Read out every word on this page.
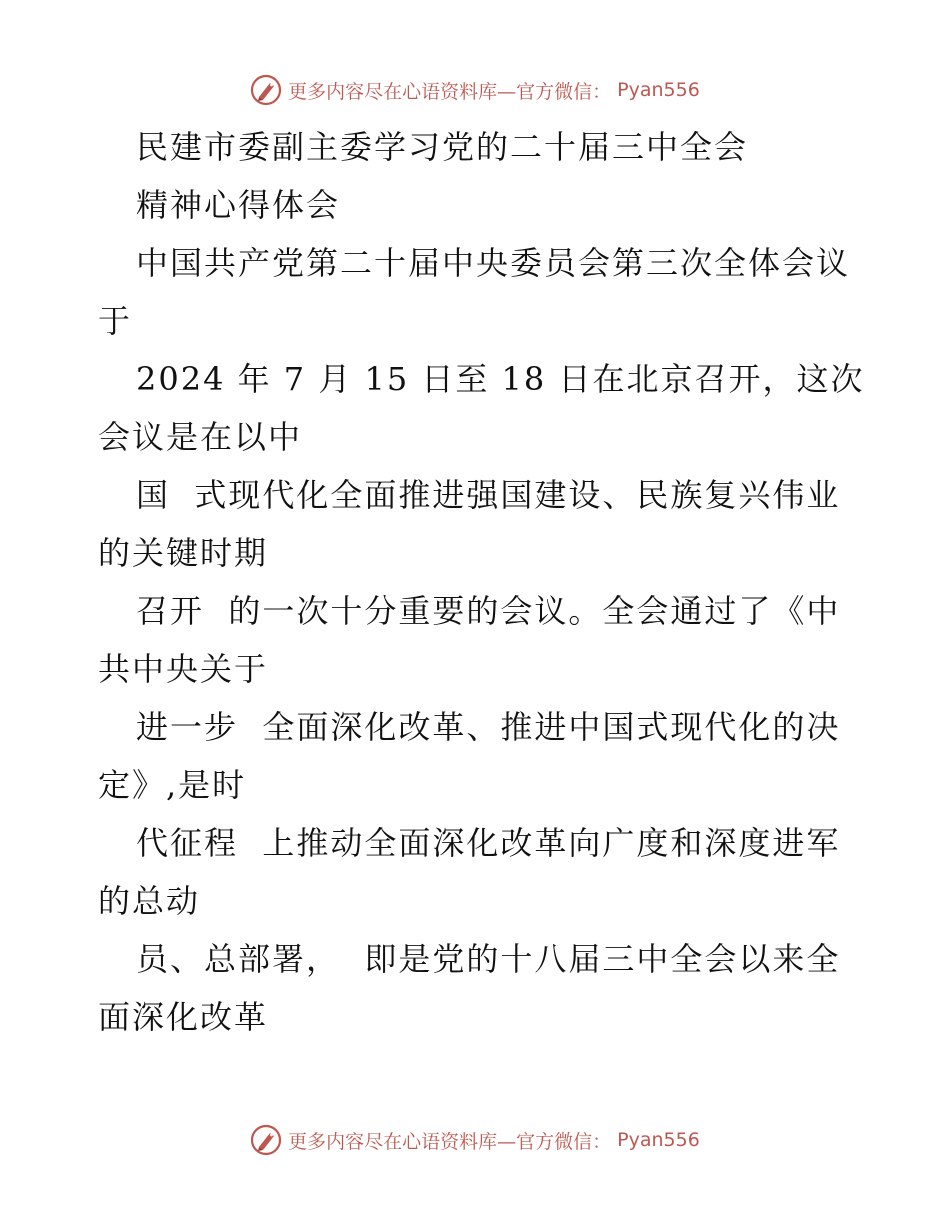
更多内容尽在心语资料库—官方微信： Pyan556
民建市委副主委学习党的二十届三中全会
精神心得体会
中国共产党第二十届中央委员会第三次全体会议
于
2024 年 7 月 15 日至 18 日在北京召开，这次
会议是在以中
国  式现代化全面推进强国建设、民族复兴伟业
的关键时期
召开  的一次十分重要的会议。全会通过了《中
共中央关于
进一步  全面深化改革、推进中国式现代化的决
定》,是时
代征程  上推动全面深化改革向广度和深度进军
的总动
员、总部署，  即是党的十八届三中全会以来全
面深化改革
更多内容尽在心语资料库—官方微信： Pyan556
